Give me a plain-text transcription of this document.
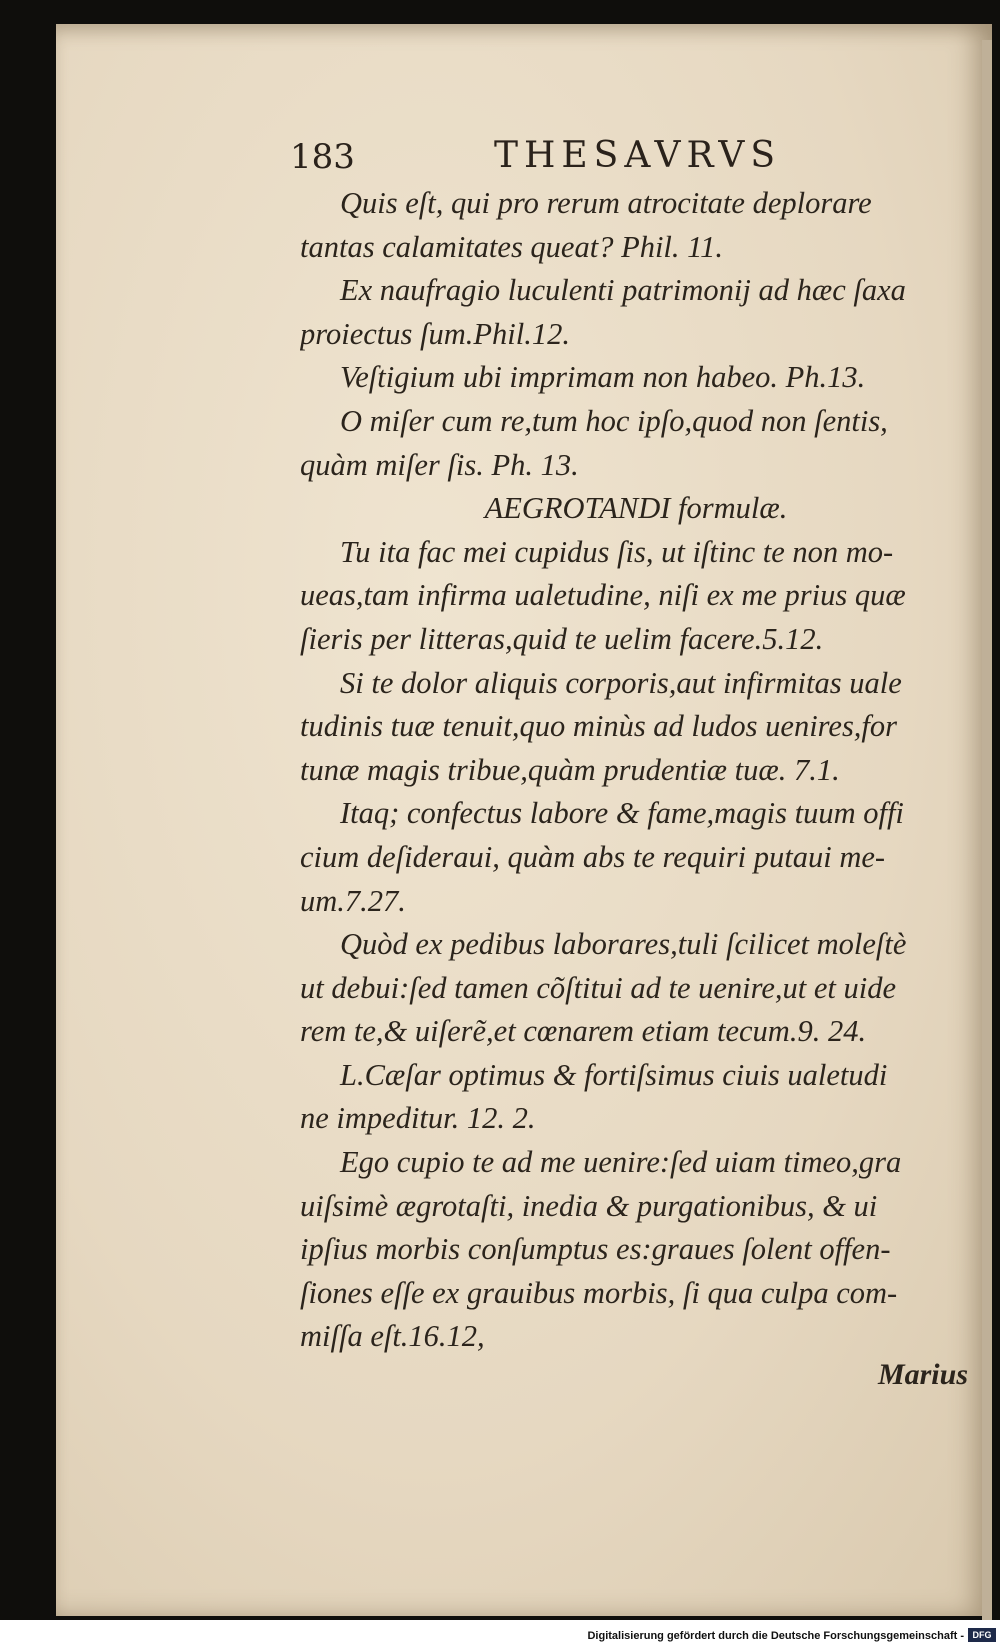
183	THESAVRVS
Quis eſt, qui pro rerum atrocitate deplorare
tantas calamitates queat? Phil. 11.
Ex naufragio luculenti patrimonij ad hæc ſaxa
proiectus ſum.Phil.12.
Veſtigium ubi imprimam non habeo. Ph.13.
O miſer cum re,tum hoc ipſo,quod non ſentis,
quàm miſer ſis. Ph. 13.
AEGROTANDI formulæ.
Tu ita fac mei cupidus ſis, ut iſtinc te non mo-
ueas,tam infirma ualetudine, niſi ex me prius quæ
ſieris per litteras,quid te uelim facere.5.12.
Si te dolor aliquis corporis,aut infirmitas uale
tudinis tuæ tenuit,quo minùs ad ludos uenires,for
tunæ magis tribue,quàm prudentiæ tuæ. 7.1.
Itaq; confectus labore & fame,magis tuum offi
cium deſideraui, quàm abs te requiri putaui me-
um.7.27.
Quòd ex pedibus laborares,tuli ſcilicet moleſtè
ut debui:ſed tamen cõſtitui ad te uenire,ut et uide
rem te,& uiſerẽ,et cœnarem etiam tecum.9. 24.
L.Cæſar optimus & fortiſsimus ciuis ualetudi
ne impeditur. 12. 2.
Ego cupio te ad me uenire:ſed uiam timeo,gra
uiſsimè ægrotaſti, inedia & purgationibus, & ui
ipſius morbis conſumptus es:graues ſolent offen-
ſiones eſſe ex grauibus morbis, ſi qua culpa com-
miſſa eſt.16.12,
Marius
Digitalisierung gefördert durch die Deutsche Forschungsgemeinschaft - DFG
